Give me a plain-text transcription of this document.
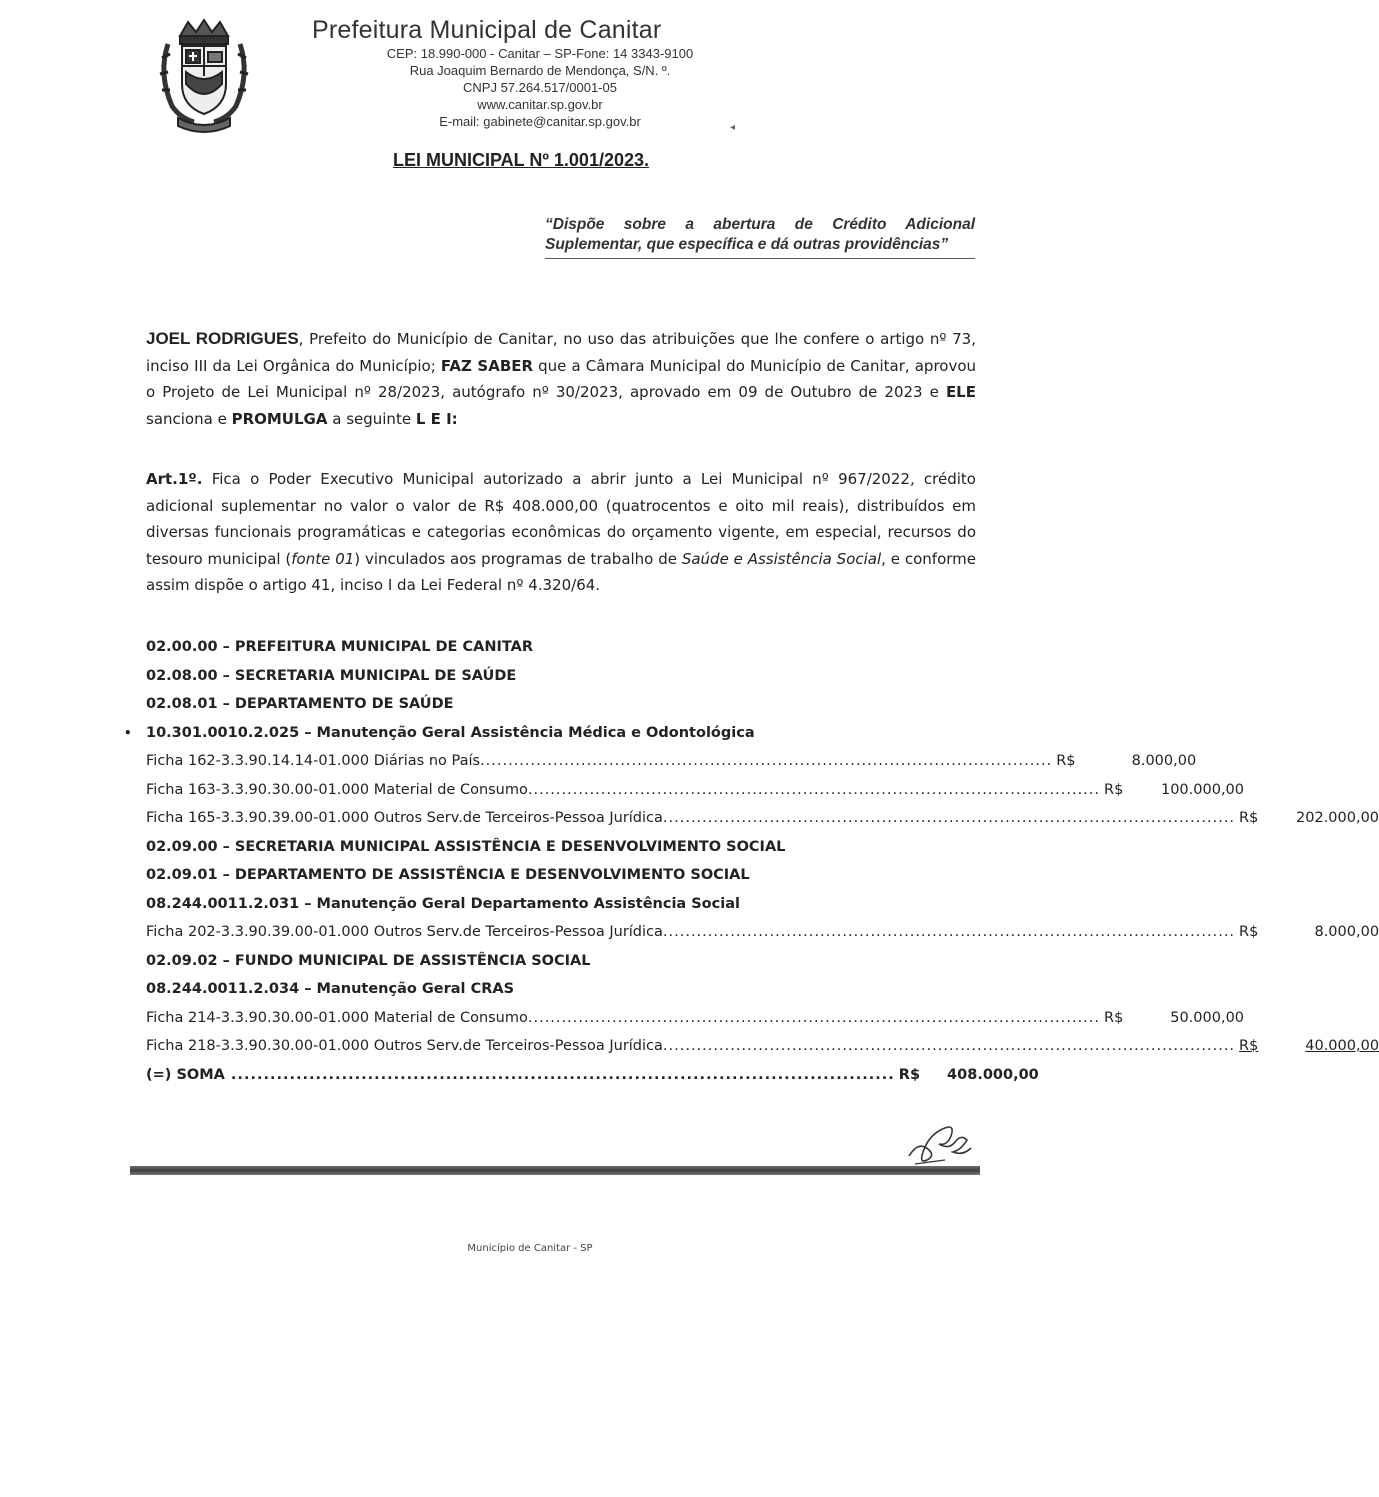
Prefeitura Municipal de Canitar
CEP: 18.990-000 - Canitar – SP-Fone: 14 3343-9100
Rua Joaquim Bernardo de Mendonça, S/N. º.
CNPJ 57.264.517/0001-05
www.canitar.sp.gov.br
E-mail: gabinete@canitar.sp.gov.br	◂
LEI MUNICIPAL Nº 1.001/2023.
“Dispõe sobre a abertura de Crédito Adicional Suplementar, que específica e dá outras providências”
JOEL RODRIGUES, Prefeito do Município de Canitar, no uso das atribuições que lhe confere o artigo nº 73, inciso III da Lei Orgânica do Município; FAZ SABER que a Câmara Municipal do Município de Canitar, aprovou o Projeto de Lei Municipal nº 28/2023, autógrafo nº 30/2023, aprovado em 09 de Outubro de 2023 e ELE sanciona e PROMULGA a seguinte L E I:
Art.1º. Fica o Poder Executivo Municipal autorizado a abrir junto a Lei Municipal nº 967/2022, crédito adicional suplementar no valor o valor de R$ 408.000,00 (quatrocentos e oito mil reais), distribuídos em diversas funcionais programáticas e categorias econômicas do orçamento vigente, em especial, recursos do tesouro municipal (fonte 01) vinculados aos programas de trabalho de Saúde e Assistência Social, e conforme assim dispõe o artigo 41, inciso I da Lei Federal nº 4.320/64.
02.00.00 – PREFEITURA MUNICIPAL DE CANITAR
02.08.00 – SECRETARIA MUNICIPAL DE SAÚDE
02.08.01 – DEPARTAMENTO DE SAÚDE
• 10.301.0010.2.025 – Manutenção Geral Assistência Médica e Odontológica
Ficha 162-3.3.90.14.14-01.000 Diárias no País ...................................................................................................... R$	8.000,00
Ficha 163-3.3.90.30.00-01.000 Material de Consumo ...................................................................................................... R$	100.000,00
Ficha 165-3.3.90.39.00-01.000 Outros Serv.de Terceiros-Pessoa Jurídica ...................................................................................................... R$	202.000,00
02.09.00 – SECRETARIA MUNICIPAL ASSISTÊNCIA E DESENVOLVIMENTO SOCIAL
02.09.01 – DEPARTAMENTO DE ASSISTÊNCIA E DESENVOLVIMENTO SOCIAL
08.244.0011.2.031 – Manutenção Geral Departamento Assistência Social
Ficha 202-3.3.90.39.00-01.000 Outros Serv.de Terceiros-Pessoa Jurídica ...................................................................................................... R$	8.000,00
02.09.02 – FUNDO MUNICIPAL DE ASSISTÊNCIA SOCIAL
08.244.0011.2.034 – Manutenção Geral CRAS
Ficha 214-3.3.90.30.00-01.000 Material de Consumo ...................................................................................................... R$	50.000,00
Ficha 218-3.3.90.30.00-01.000 Outros Serv.de Terceiros-Pessoa Jurídica ...................................................................................................... R$	40.000,00
(=) SOMA ...................................................................................................... R$	408.000,00
Município de Canitar - SP
